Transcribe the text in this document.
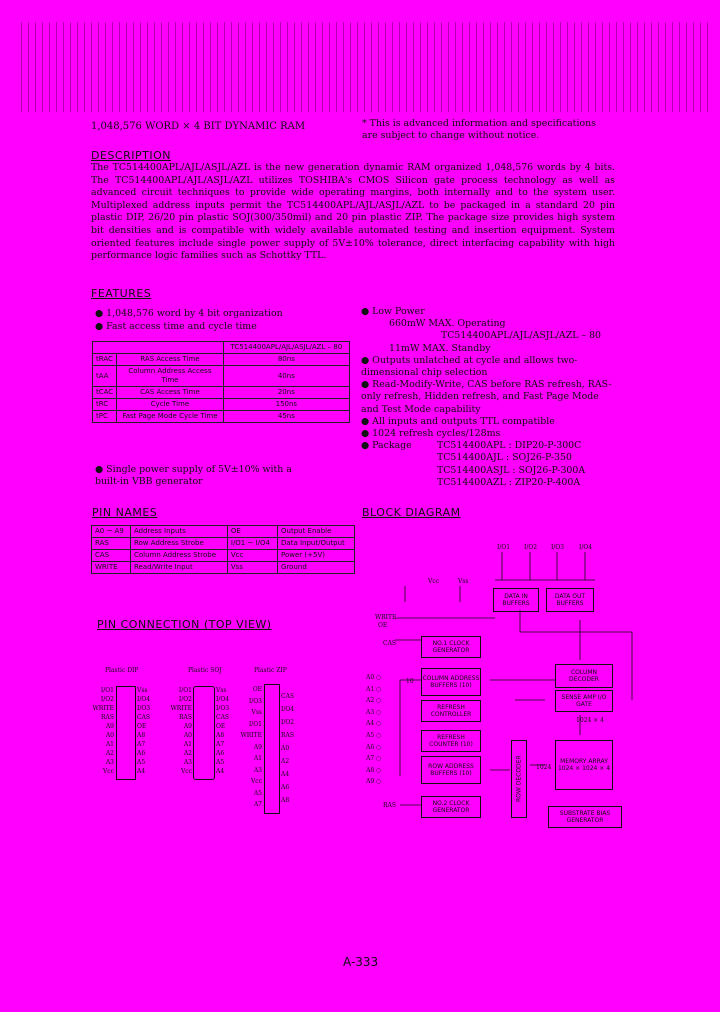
1,048,576 WORD × 4 BIT DYNAMIC RAM	* This is advanced information and specifications are subject to change without notice.
DESCRIPTION
The TC514400APL/AJL/ASJL/AZL is the new generation dynamic RAM organized 1,048,576 words by 4 bits. The TC514400APL/AJL/ASJL/AZL utilizes TOSHIBA's CMOS Silicon gate process technology as well as advanced circuit techniques to provide wide operating margins, both internally and to the system user. Multiplexed address inputs permit the TC514400APL/AJL/ASJL/AZL to be packaged in a standard 20 pin plastic DIP, 26/20 pin plastic SOJ(300/350mil) and 20 pin plastic ZIP. The package size provides high system bit densities and is compatible with widely available automated testing and insertion equipment. System oriented features include single power supply of 5V±10% tolerance, direct interfacing capability with high performance logic families such as Schottky TTL.
FEATURES
● 1,048,576 word by 4 bit organization
● Fast access time and cycle time
		TC514400APL/AJL/ASJL/AZL – 80
tRAC	RAS Access Time	80ns
tAA	Column Address Access Time	40ns
tCAC	CAS Access Time	20ns
tRC	Cycle Time	150ns
tPC	Fast Page Mode Cycle Time	45ns
● Single power supply of 5V±10% with a built-in VBB generator
● Low Power
660mW MAX. Operating
TC514400APL/AJL/ASJL/AZL – 80
11mW MAX. Standby
● Outputs unlatched at cycle and allows two-dimensional chip selection
● Read-Modify-Write, CAS before RAS refresh, RAS-only refresh, Hidden refresh, and Fast Page Mode and Test Mode capability
● All inputs and outputs TTL compatible
● 1024 refresh cycles/128ms
● Package	TC514400APL : DIP20-P-300C
TC514400AJL : SOJ26-P-350
TC514400ASJL : SOJ26-P-300A
TC514400AZL : ZIP20-P-400A
PIN NAMES
A0 ~ A9	Address Inputs	OE	Output Enable
RAS	Row Address Strobe	I/O1 ~ I/O4	Data Input/Output
CAS	Column Address Strobe	Vcc	Power (+5V)
WRITE	Read/Write Input	Vss	Ground
PIN CONNECTION (TOP VIEW)
Plastic DIP	Plastic SOJ	Plastic ZIP
I/O1
I/O2
WRITE
RAS
A9
A0
A1
A2
A3
Vcc
Vss
I/O4
I/O3
CAS
OE
A8
A7
A6
A5
A4
I/O1
I/O2
WRITE
RAS
A9
A0
A1
A2
A3
Vcc
Vss
I/O4
I/O3
CAS
OE
A8
A7
A6
A5
A4
OE
I/O3
Vss
I/O1
WRITE
A9
A1
A3
Vcc
A5
A7
CAS
I/O4
I/O2
RAS
A0
A2
A4
A6
A8
BLOCK DIAGRAM
I/O1 I/O2 I/O3 I/O4
Vcc	Vss
WRITE
OE
CAS
RAS
A0 ○
A1 ○
A2 ○
A3 ○
A4 ○
A5 ○
A6 ○
A7 ○
A8 ○
A9 ○
DATA IN BUFFERS
DATA OUT BUFFERS
NO.1 CLOCK GENERATOR
COLUMN ADDRESS BUFFERS (10)
COLUMN DECODER
SENSE AMP I/O GATE
REFRESH CONTROLLER
REFRESH COUNTER (10)
ROW ADDRESS BUFFERS (10)	ROW DECODER	MEMORY ARRAY 1024 × 1024 × 4
NO.2 CLOCK GENERATOR	SUBSTRATE BIAS GENERATOR
1024 × 4
1024
10
A-333
